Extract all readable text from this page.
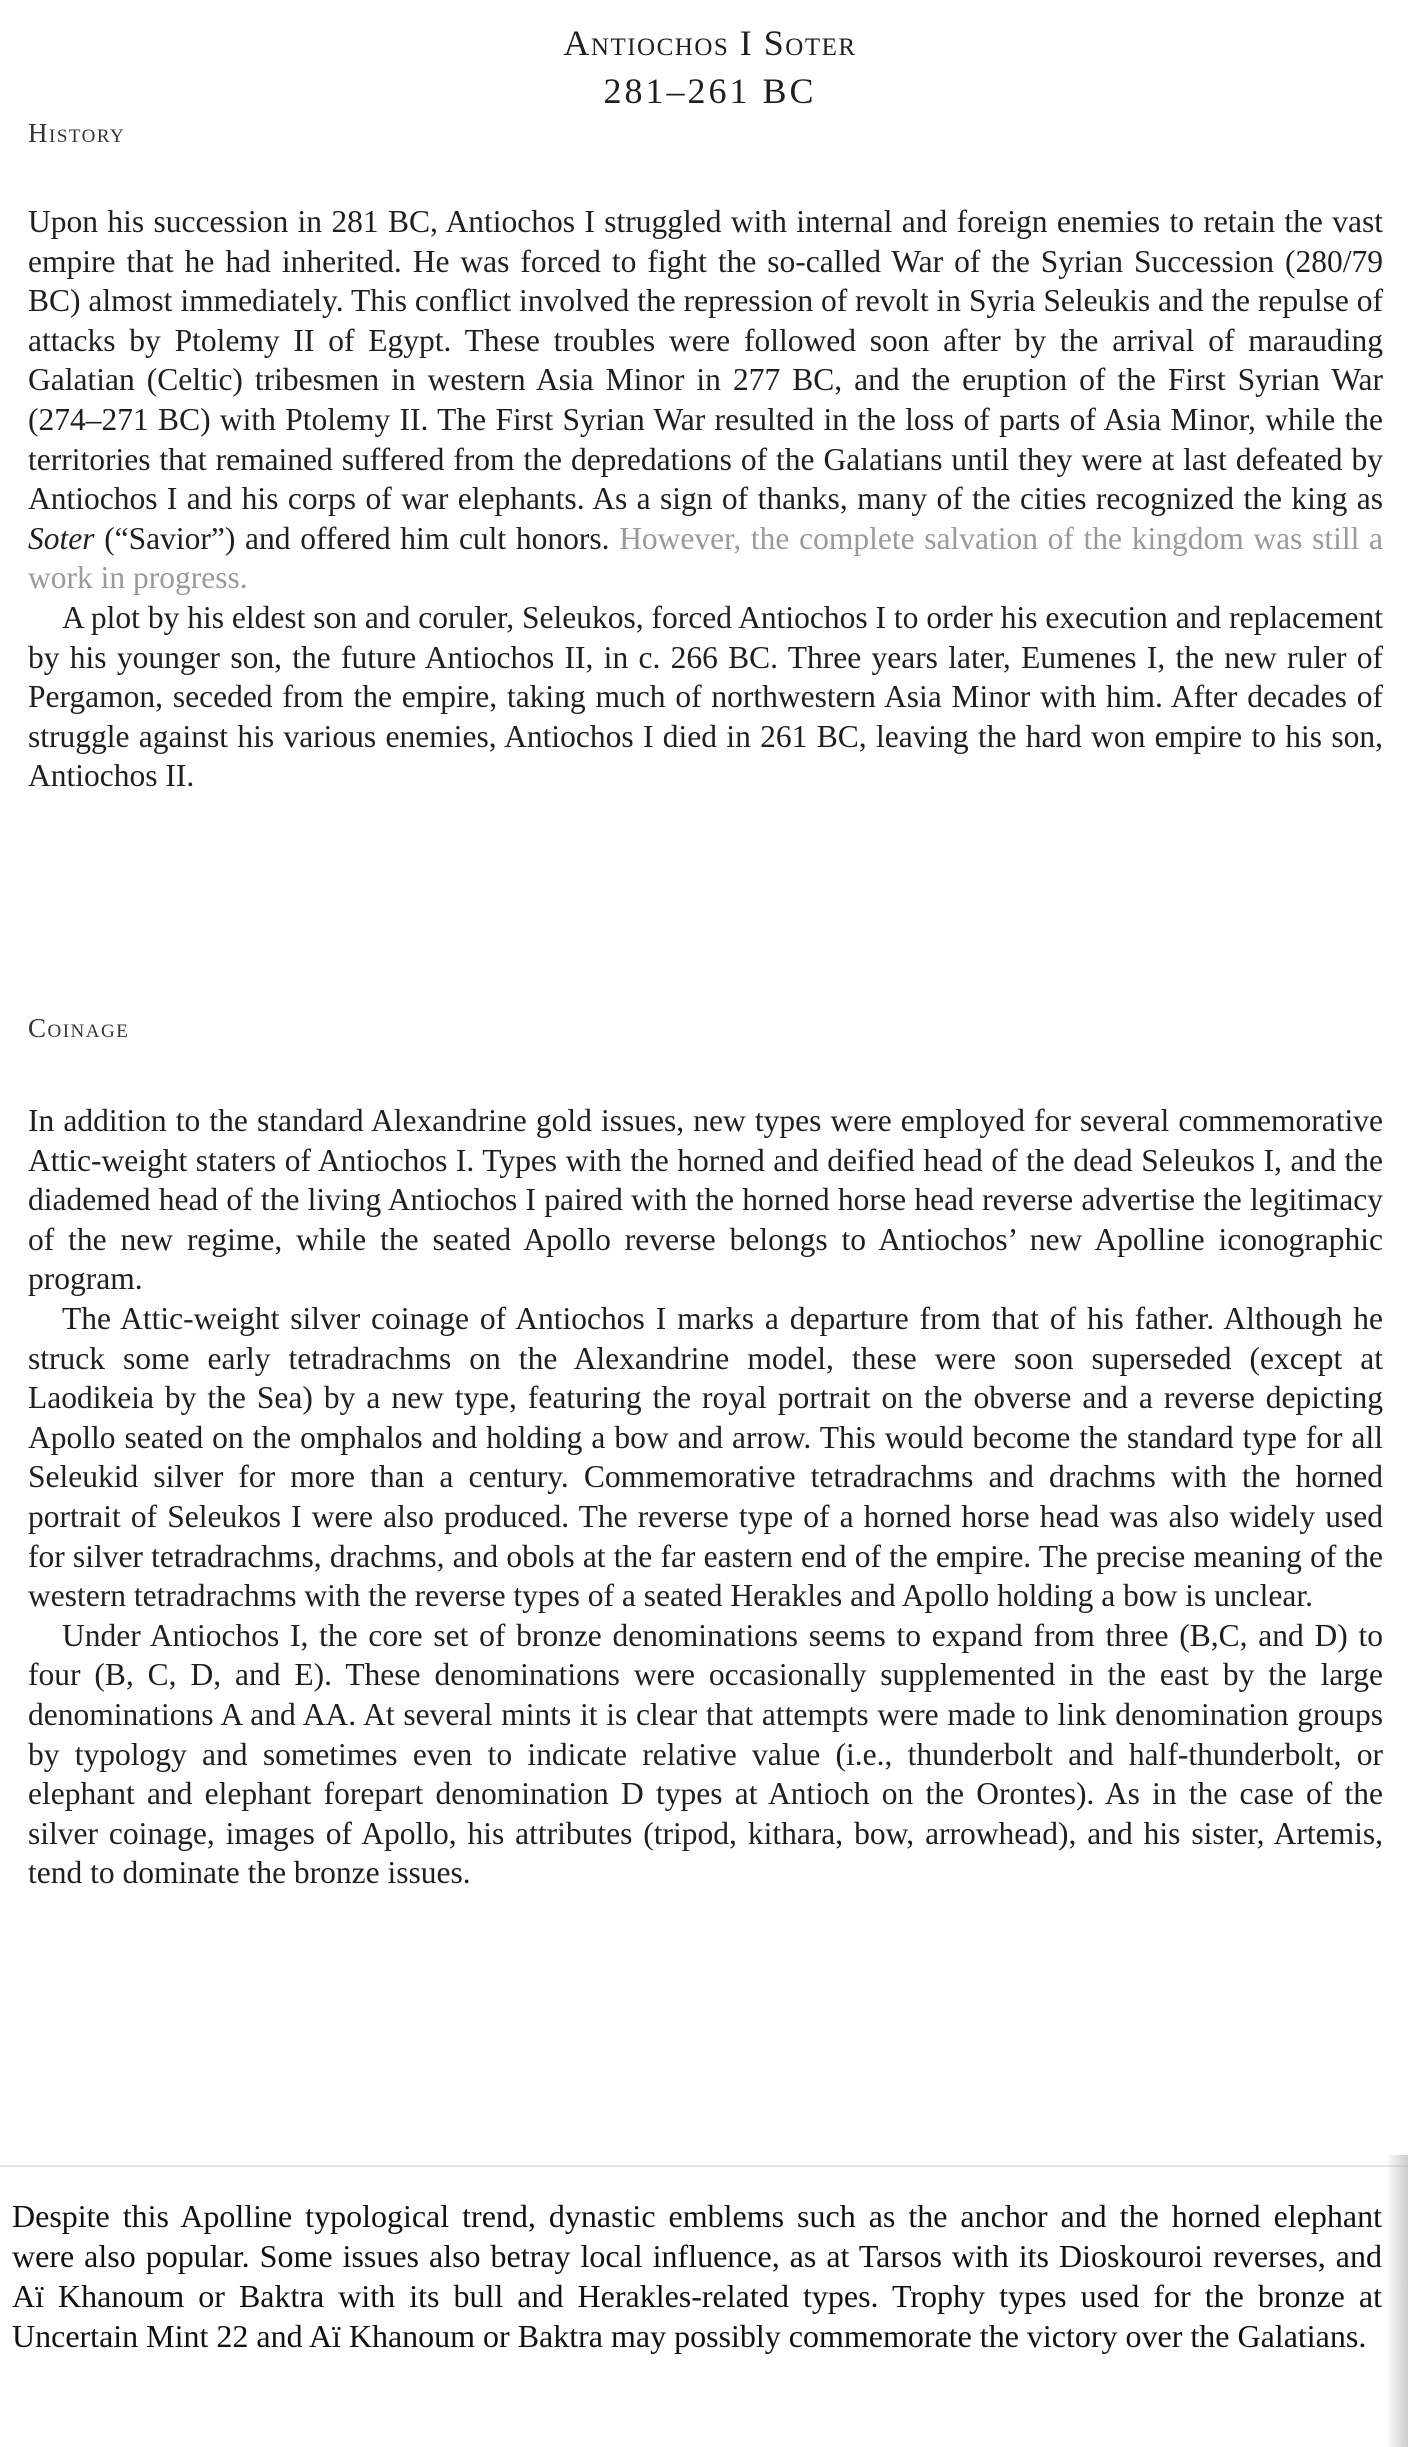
Antiochos I Soter
281–261 BC
History

Upon his succession in 281 BC, Antiochos I struggled with internal and foreign enemies to retain the vast empire that he had inherited. He was forced to fight the so-called War of the Syrian Succession (280/79 BC) almost immediately. This conflict involved the repression of revolt in Syria Seleukis and the repulse of attacks by Ptolemy II of Egypt. These troubles were followed soon after by the arrival of marauding Galatian (Celtic) tribesmen in western Asia Minor in 277 BC, and the eruption of the First Syrian War (274–271 BC) with Ptolemy II. The First Syrian War resulted in the loss of parts of Asia Minor, while the territories that remained suffered from the depredations of the Galatians until they were at last defeated by Antiochos I and his corps of war elephants. As a sign of thanks, many of the cities recognized the king as Soter (“Savior”) and offered him cult honors. However, the complete salvation of the kingdom was still a work in progress.

A plot by his eldest son and coruler, Seleukos, forced Antiochos I to order his execution and replacement by his younger son, the future Antiochos II, in c. 266 BC. Three years later, Eumenes I, the new ruler of Pergamon, seceded from the empire, taking much of northwestern Asia Minor with him. After decades of struggle against his various enemies, Antiochos I died in 261 BC, leaving the hard won empire to his son, Antiochos II.

Coinage

In addition to the standard Alexandrine gold issues, new types were employed for several commemorative Attic-weight staters of Antiochos I. Types with the horned and deified head of the dead Seleukos I, and the diademed head of the living Antiochos I paired with the horned horse head reverse advertise the legitimacy of the new regime, while the seated Apollo reverse belongs to Antiochos’ new Apolline iconographic program.

The Attic-weight silver coinage of Antiochos I marks a departure from that of his father. Although he struck some early tetradrachms on the Alexandrine model, these were soon superseded (except at Laodikeia by the Sea) by a new type, featuring the royal portrait on the obverse and a reverse depicting Apollo seated on the omphalos and holding a bow and arrow. This would become the standard type for all Seleukid silver for more than a century. Commemorative tetradrachms and drachms with the horned portrait of Seleukos I were also produced. The reverse type of a horned horse head was also widely used for silver tetradrachms, drachms, and obols at the far eastern end of the empire. The precise meaning of the western tetradrachms with the reverse types of a seated Herakles and Apollo holding a bow is unclear.

Under Antiochos I, the core set of bronze denominations seems to expand from three (B,C, and D) to four (B, C, D, and E). These denominations were occasionally supplemented in the east by the large denominations A and AA. At several mints it is clear that attempts were made to link denomination groups by typology and sometimes even to indicate relative value (i.e., thunderbolt and half-thunderbolt, or elephant and elephant forepart denomination D types at Antioch on the Orontes). As in the case of the silver coinage, images of Apollo, his attributes (tripod, kithara, bow, arrowhead), and his sister, Artemis, tend to dominate the bronze issues.

Despite this Apolline typological trend, dynastic emblems such as the anchor and the horned elephant were also popular. Some issues also betray local influence, as at Tarsos with its Dioskouroi reverses, and Aï Khanoum or Baktra with its bull and Herakles-related types. Trophy types used for the bronze at Uncertain Mint 22 and Aï Khanoum or Baktra may possibly commemorate the victory over the Galatians.
